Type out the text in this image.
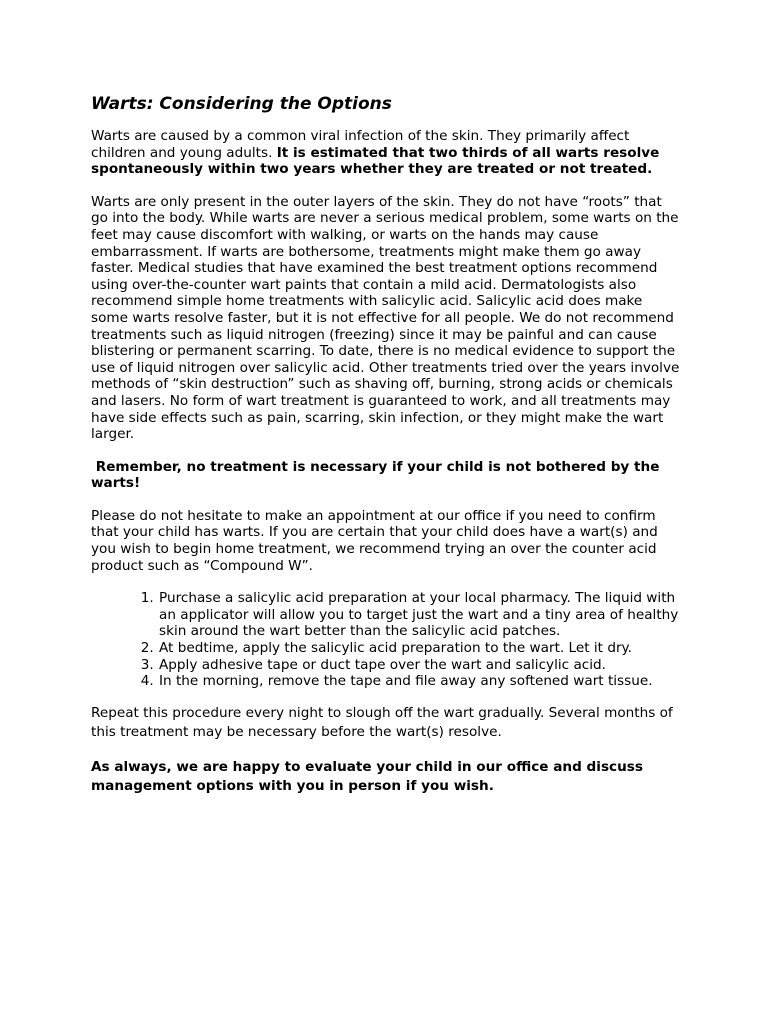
Warts: Considering the Options

Warts are caused by a common viral infection of the skin. They primarily affect children and young adults. It is estimated that two thirds of all warts resolve spontaneously within two years whether they are treated or not treated.

Warts are only present in the outer layers of the skin. They do not have “roots” that go into the body. While warts are never a serious medical problem, some warts on the feet may cause discomfort with walking, or warts on the hands may cause embarrassment. If warts are bothersome, treatments might make them go away faster. Medical studies that have examined the best treatment options recommend using over-the-counter wart paints that contain a mild acid. Dermatologists also recommend simple home treatments with salicylic acid. Salicylic acid does make some warts resolve faster, but it is not effective for all people. We do not recommend treatments such as liquid nitrogen (freezing) since it may be painful and can cause blistering or permanent scarring. To date, there is no medical evidence to support the use of liquid nitrogen over salicylic acid. Other treatments tried over the years involve methods of “skin destruction” such as shaving off, burning, strong acids or chemicals and lasers. No form of wart treatment is guaranteed to work, and all treatments may have side effects such as pain, scarring, skin infection, or they might make the wart larger.

Remember, no treatment is necessary if your child is not bothered by the warts!

Please do not hesitate to make an appointment at our office if you need to confirm that your child has warts. If you are certain that your child does have a wart(s) and you wish to begin home treatment, we recommend trying an over the counter acid product such as “Compound W”.

1. Purchase a salicylic acid preparation at your local pharmacy. The liquid with an applicator will allow you to target just the wart and a tiny area of healthy skin around the wart better than the salicylic acid patches.
2. At bedtime, apply the salicylic acid preparation to the wart. Let it dry.
3. Apply adhesive tape or duct tape over the wart and salicylic acid.
4. In the morning, remove the tape and file away any softened wart tissue.

Repeat this procedure every night to slough off the wart gradually. Several months of this treatment may be necessary before the wart(s) resolve.

As always, we are happy to evaluate your child in our office and discuss management options with you in person if you wish.
